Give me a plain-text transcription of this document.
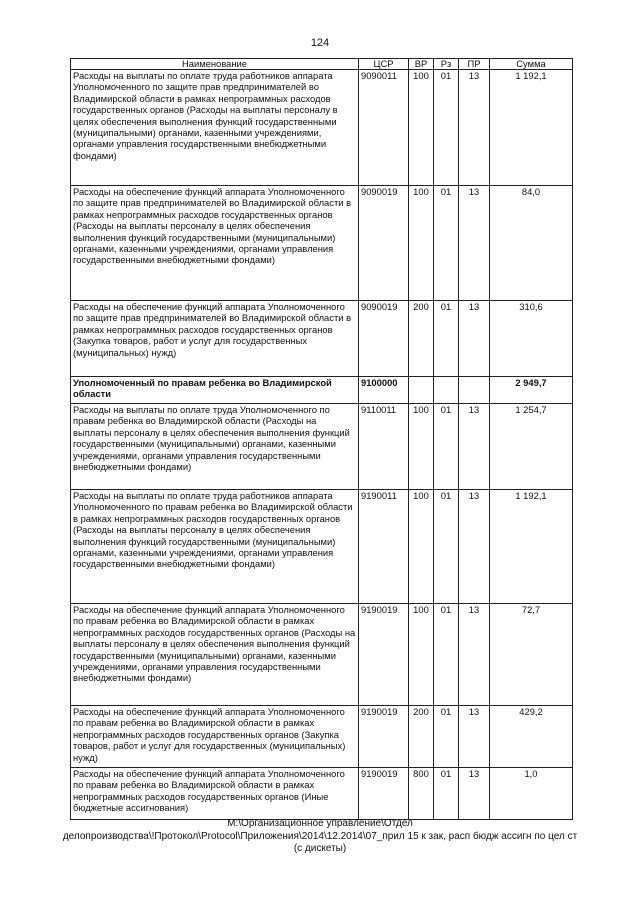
124
Наименование	ЦСР	ВР	Рз	ПР	Сумма
Расходы на выплаты по оплате труда работников аппарата Уполномоченного по защите прав предпринимателей во Владимирской области в рамках непрограммных расходов государственных органов (Расходы на выплаты персоналу в целях обеспечения выполнения функций государственными (муниципальными) органами, казенными учреждениями, органами управления государственными внебюджетными фондами)	9090011	100	01	13	1 192,1
Расходы на обеспечение функций аппарата Уполномоченного по защите прав предпринимателей во Владимирской области в рамках непрограммных расходов государственных органов (Расходы на выплаты персоналу в целях обеспечения выполнения функций государственными (муниципальными) органами, казенными учреждениями, органами управления государственными внебюджетными фондами)	9090019	100	01	13	84,0
Расходы на обеспечение функций аппарата Уполномоченного по защите прав предпринимателей во Владимирской области в рамках непрограммных расходов государственных органов (Закупка товаров, работ и услуг для государственных (муниципальных) нужд)	9090019	200	01	13	310,6
Уполномоченный по правам ребенка во Владимирской области	9100000				2 949,7
Расходы на выплаты по оплате труда Уполномоченного по правам ребенка во Владимирской области (Расходы на выплаты персоналу в целях обеспечения выполнения функций государственными (муниципальными) органами, казенными учреждениями, органами управления государственными внебюджетными фондами)	9110011	100	01	13	1 254,7
Расходы на выплаты по оплате труда работников аппарата Уполномоченного по правам ребенка во Владимирской области в рамках непрограммных расходов государственных органов (Расходы на выплаты персоналу в целях обеспечения выполнения функций государственными (муниципальными) органами, казенными учреждениями, органами управления государственными внебюджетными фондами)	9190011	100	01	13	1 192,1
Расходы на обеспечение функций аппарата Уполномоченного по правам ребенка во Владимирской области в рамках непрограммных расходов государственных органов (Расходы на выплаты персоналу в целях обеспечения выполнения функций государственными (муниципальными) органами, казенными учреждениями, органами управления государственными внебюджетными фондами)	9190019	100	01	13	72,7
Расходы на обеспечение функций аппарата Уполномоченного по правам ребенка во Владимирской области в рамках непрограммных расходов государственных органов (Закупка товаров, работ и услуг для государственных (муниципальных) нужд)	9190019	200	01	13	429,2
Расходы на обеспечение функций аппарата Уполномоченного по правам ребенка во Владимирской области в рамках непрограммных расходов государственных органов (Иные бюджетные ассигнования)	9190019	800	01	13	1,0
M:\Организационное управление\Отдел
делопроизводства\!Протокол\Protocol\Приложения\2014\12.2014\07_прил 15 к зак, расп бюдж ассигн по цел ст
(с дискеты)
